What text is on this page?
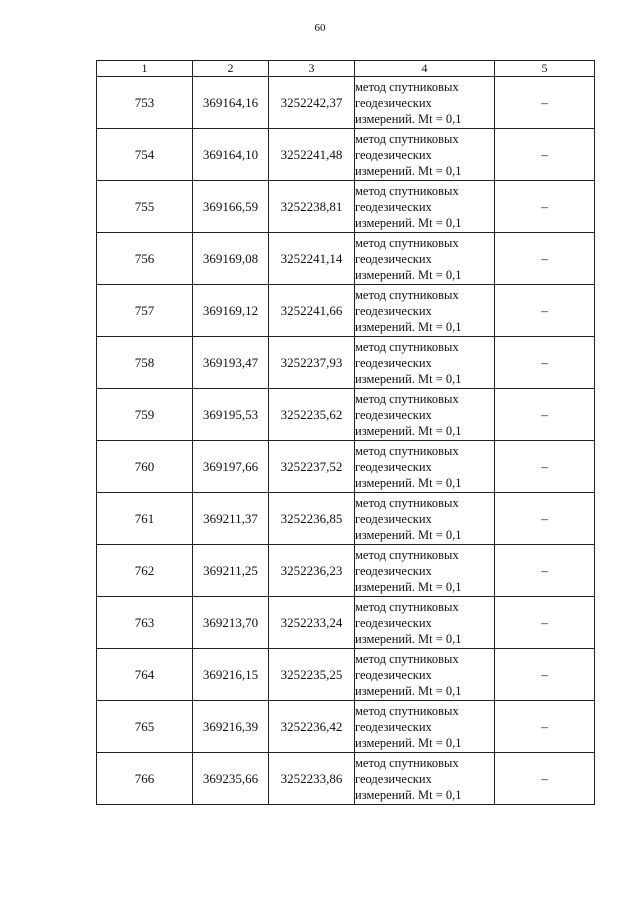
60
1	2	3	4	5
753	369164,16	3252242,37	метод спутниковых
геодезических
измерений. Mt = 0,1	–
754	369164,10	3252241,48	метод спутниковых
геодезических
измерений. Mt = 0,1	–
755	369166,59	3252238,81	метод спутниковых
геодезических
измерений. Mt = 0,1	–
756	369169,08	3252241,14	метод спутниковых
геодезических
измерений. Mt = 0,1	–
757	369169,12	3252241,66	метод спутниковых
геодезических
измерений. Mt = 0,1	–
758	369193,47	3252237,93	метод спутниковых
геодезических
измерений. Mt = 0,1	–
759	369195,53	3252235,62	метод спутниковых
геодезических
измерений. Mt = 0,1	–
760	369197,66	3252237,52	метод спутниковых
геодезических
измерений. Mt = 0,1	–
761	369211,37	3252236,85	метод спутниковых
геодезических
измерений. Mt = 0,1	–
762	369211,25	3252236,23	метод спутниковых
геодезических
измерений. Mt = 0,1	–
763	369213,70	3252233,24	метод спутниковых
геодезических
измерений. Mt = 0,1	–
764	369216,15	3252235,25	метод спутниковых
геодезических
измерений. Mt = 0,1	–
765	369216,39	3252236,42	метод спутниковых
геодезических
измерений. Mt = 0,1	–
766	369235,66	3252233,86	метод спутниковых
геодезических
измерений. Mt = 0,1	–
